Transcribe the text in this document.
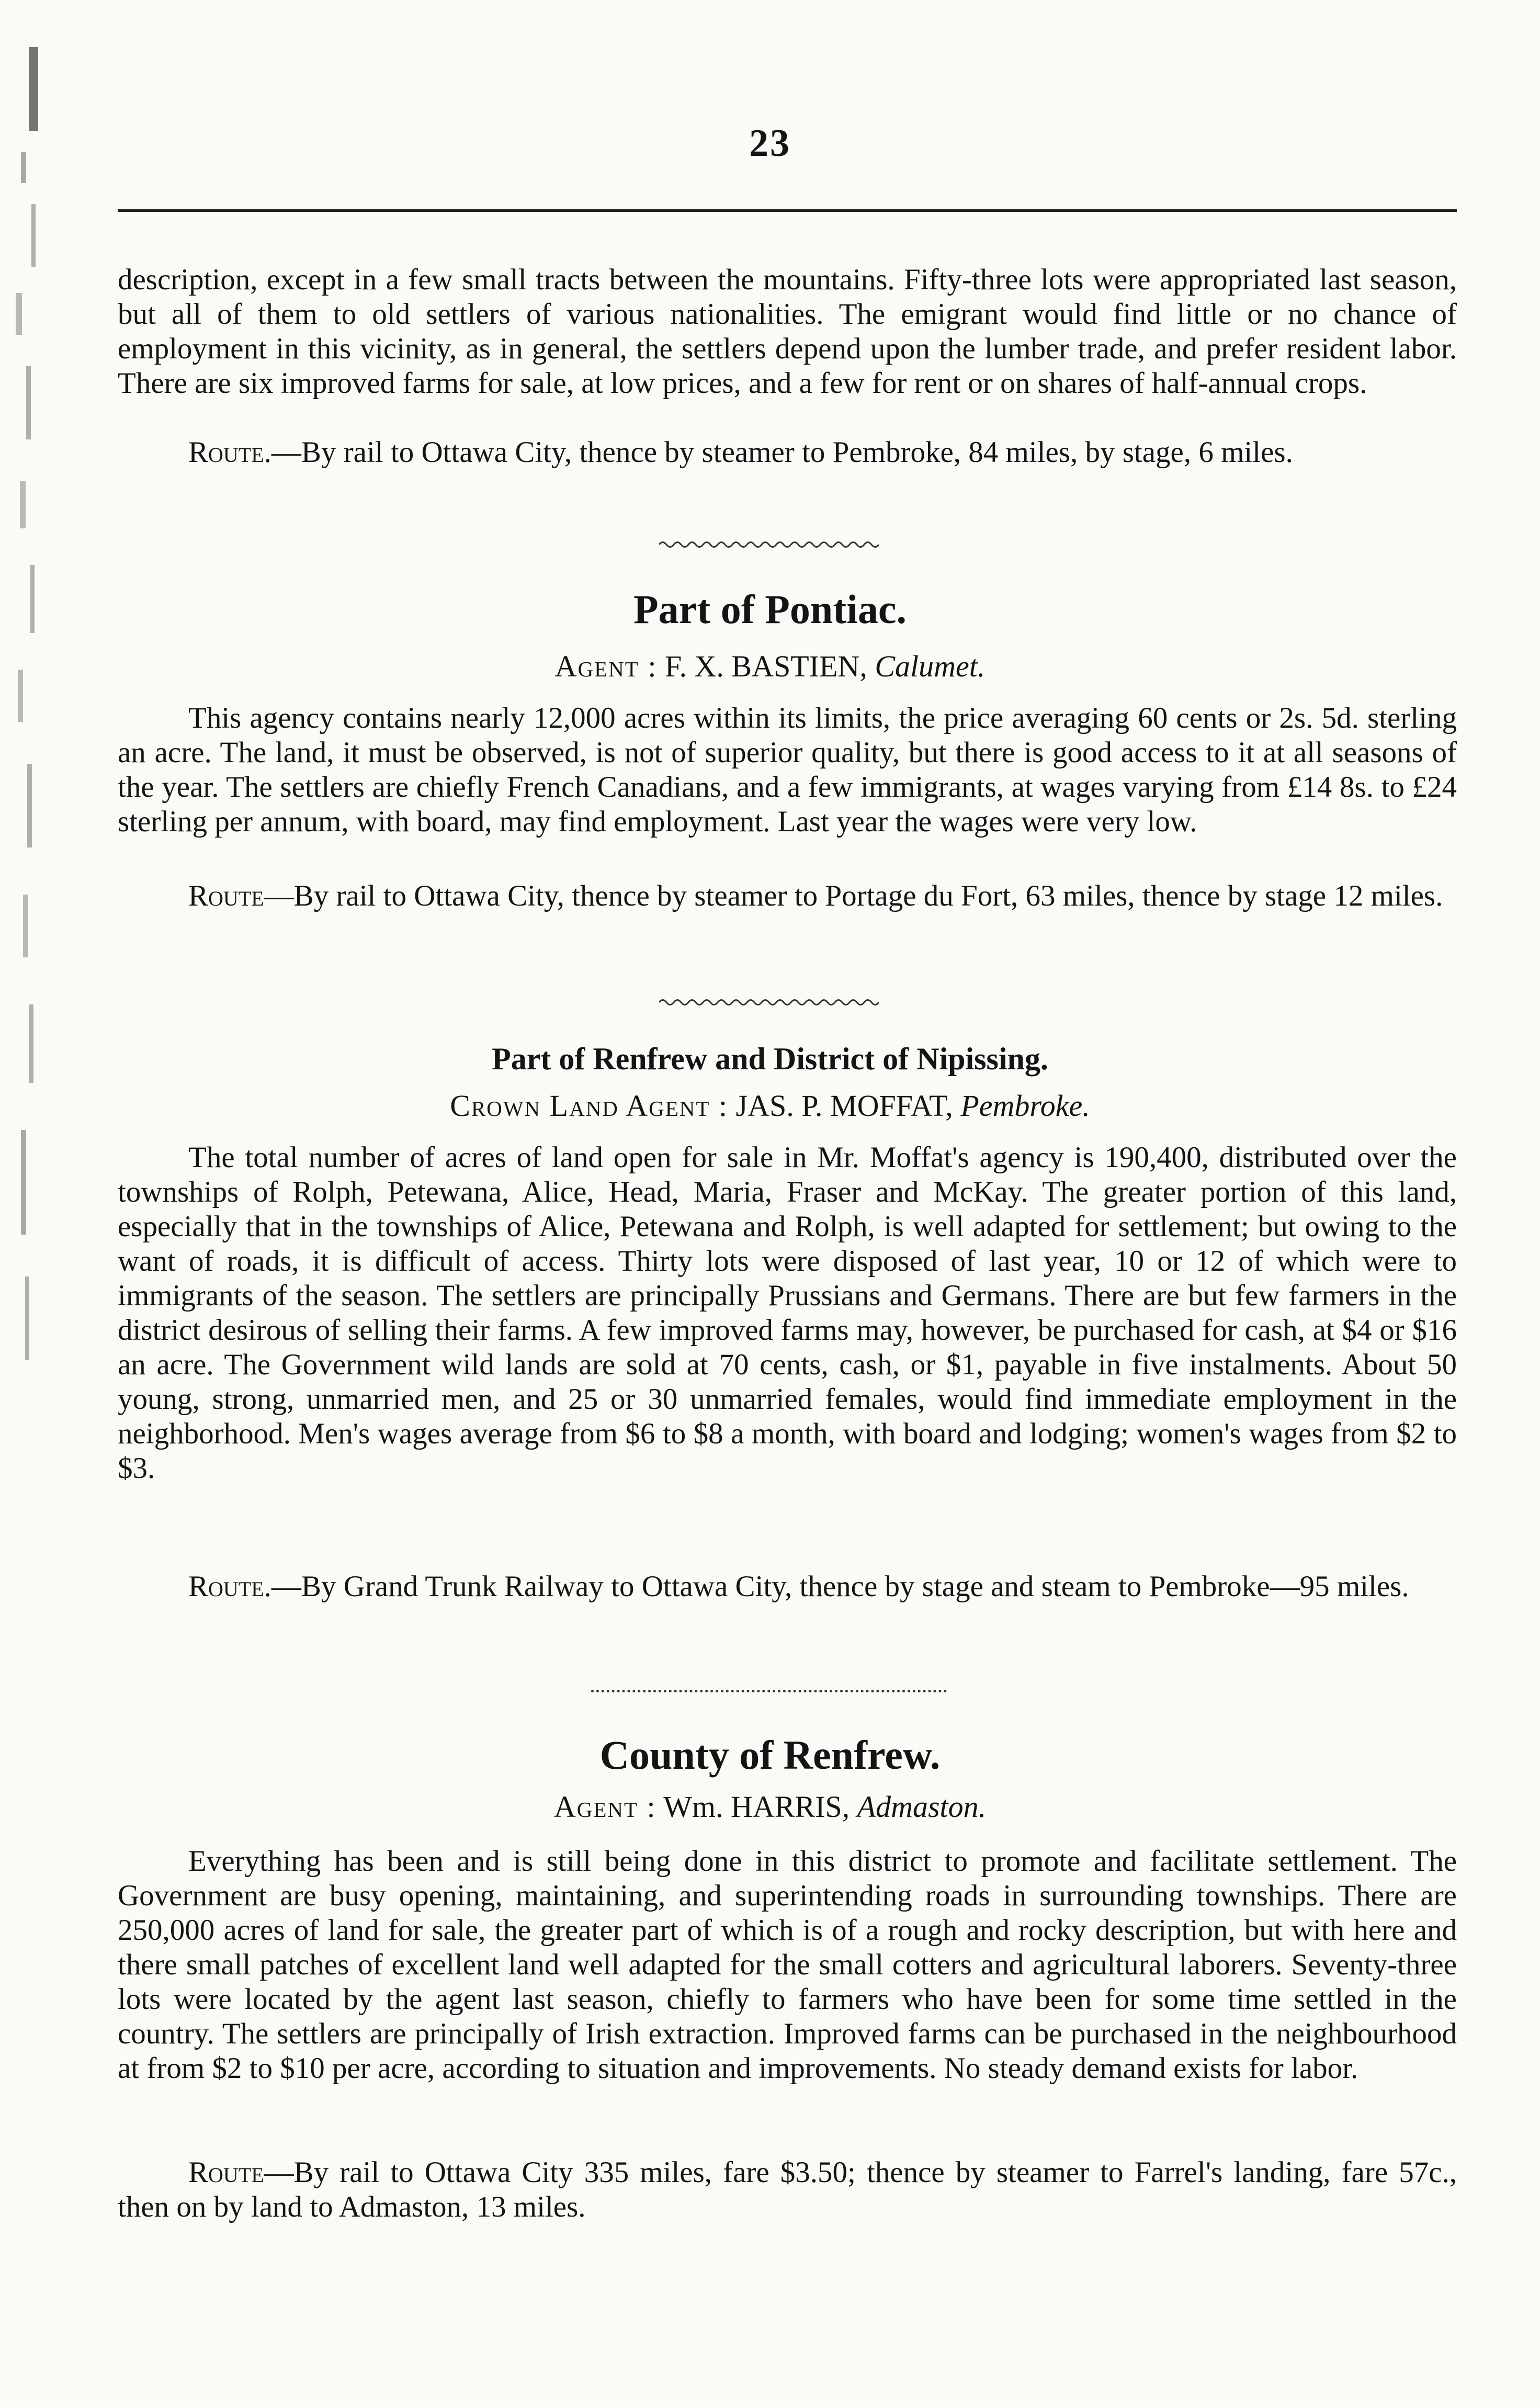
23
description, except in a few small tracts between the mountains. Fifty-three lots were appropriated last season, but all of them to old settlers of various nationalities. The emigrant would find little or no chance of employment in this vicinity, as in general, the settlers depend upon the lumber trade, and prefer resident labor. There are six improved farms for sale, at low prices, and a few for rent or on shares of half-annual crops.
Route.—By rail to Ottawa City, thence by steamer to Pembroke, 84 miles, by stage, 6 miles.
Part of Pontiac.
Agent : F. X. BASTIEN, Calumet.
This agency contains nearly 12,000 acres within its limits, the price averaging 60 cents or 2s. 5d. sterling an acre. The land, it must be observed, is not of superior quality, but there is good access to it at all seasons of the year. The settlers are chiefly French Canadians, and a few immigrants, at wages varying from £14 8s. to £24 sterling per annum, with board, may find employment. Last year the wages were very low.
Route—By rail to Ottawa City, thence by steamer to Portage du Fort, 63 miles, thence by stage 12 miles.
Part of Renfrew and District of Nipissing.
Crown Land Agent : JAS. P. MOFFAT, Pembroke.
The total number of acres of land open for sale in Mr. Moffat's agency is 190,400, distributed over the townships of Rolph, Petewana, Alice, Head, Maria, Fraser and McKay. The greater portion of this land, especially that in the townships of Alice, Petewana and Rolph, is well adapted for settlement; but owing to the want of roads, it is difficult of access. Thirty lots were disposed of last year, 10 or 12 of which were to immigrants of the season. The settlers are principally Prussians and Germans. There are but few farmers in the district desirous of selling their farms. A few improved farms may, however, be purchased for cash, at $4 or $16 an acre. The Government wild lands are sold at 70 cents, cash, or $1, payable in five instalments. About 50 young, strong, unmarried men, and 25 or 30 unmarried females, would find immediate employment in the neighborhood. Men's wages average from $6 to $8 a month, with board and lodging; women's wages from $2 to $3.
Route.—By Grand Trunk Railway to Ottawa City, thence by stage and steam to Pembroke—95 miles.
County of Renfrew.
Agent : Wm. HARRIS, Admaston.
Everything has been and is still being done in this district to promote and facilitate settlement. The Government are busy opening, maintaining, and superintending roads in surrounding townships. There are 250,000 acres of land for sale, the greater part of which is of a rough and rocky description, but with here and there small patches of excellent land well adapted for the small cotters and agricultural laborers. Seventy-three lots were located by the agent last season, chiefly to farmers who have been for some time settled in the country. The settlers are principally of Irish extraction. Improved farms can be purchased in the neighbourhood at from $2 to $10 per acre, according to situation and improvements. No steady demand exists for labor.
Route—By rail to Ottawa City 335 miles, fare $3.50; thence by steamer to Farrel's landing, fare 57c., then on by land to Admaston, 13 miles.
